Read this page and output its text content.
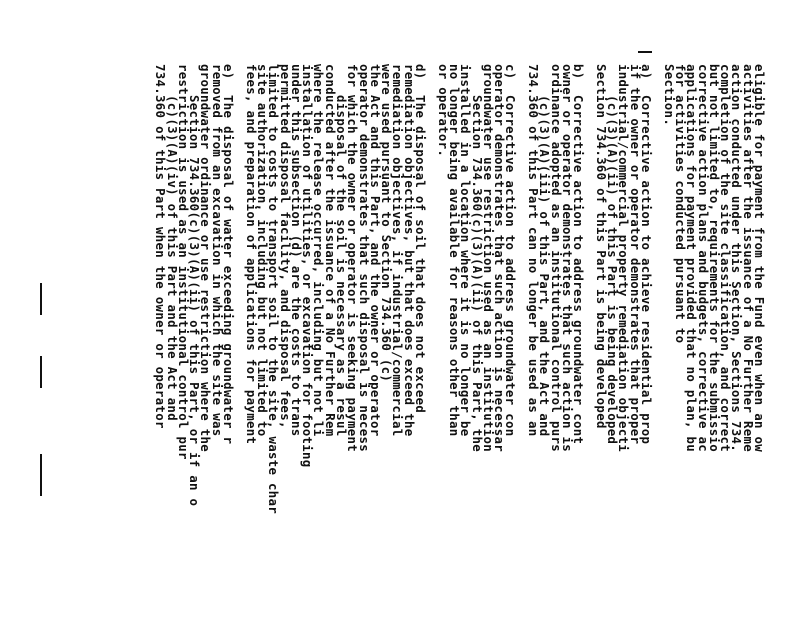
eligible for payment from the Fund even when an ow
activities after the issuance of a No Further Reme
action conducted under this Section, Sections 734.
completion of the site classification, and correct
but not limited to, requirements for the submissio
corrective action plans and budgets, corrective ac
applications for payment provided that no plan, bu
for activities conducted pursuant to
Section.
a)  Corrective action to achieve residential prop
if the owner or operator demonstrates that proper
industrial/commercial property remediation objecti
(c)(3)(A)(ii) of this Part is being developed
Section 734.360 of this Part is being developed
b)  Corrective action to address groundwater cont
owner or operator demonstrates that such action is
ordinance adopted as an institutional control purs
(c)(3)(A)(iii) of this Part, and the Act and
734.360 of this Part can no longer be used as an
c)  Corrective action to address groundwater con
operator demonstrates that such action is necessar
groundwater use restriction used as an institution
Section 734.360(c)(3)(A)(ii) of this Part, the
installed in a location where it is no longer be
no longer being available for reasons other than
or operator.
d)  The disposal of soil that does not exceed
remediation objectives, but that does exceed the
remediation objectives, if industrial/commercial
were used pursuant to Section 734.360 (c)
the Act and this Part, and the owner or operator
operator demonstrates that such disposal is necess
for which the owner or operator is seeking payment
disposal of the soil is necessary as a resul
conducted after the issuance of a No Further Rem
where the release occurred, including but not li
installation of utilities, or excavation for footing
under this subsection (d) are the costs to trans
permitted disposal facility, and disposal fees,
limited to costs to transport soil to the site, waste char
site authorization, including but not limited to
fees, and preparation of applications for payment
e)  The disposal of water exceeding groundwater r
removed from an excavation in which the site was
groundwater ordinance or use restriction where the
Section 734.360(c)(3)(A)(ii) of this Part, or if an o
restriction is used as an institutional control pur
(c)(3)(A)(iv) of this Part and the Act and
734.360 of this Part when the owner or operator
